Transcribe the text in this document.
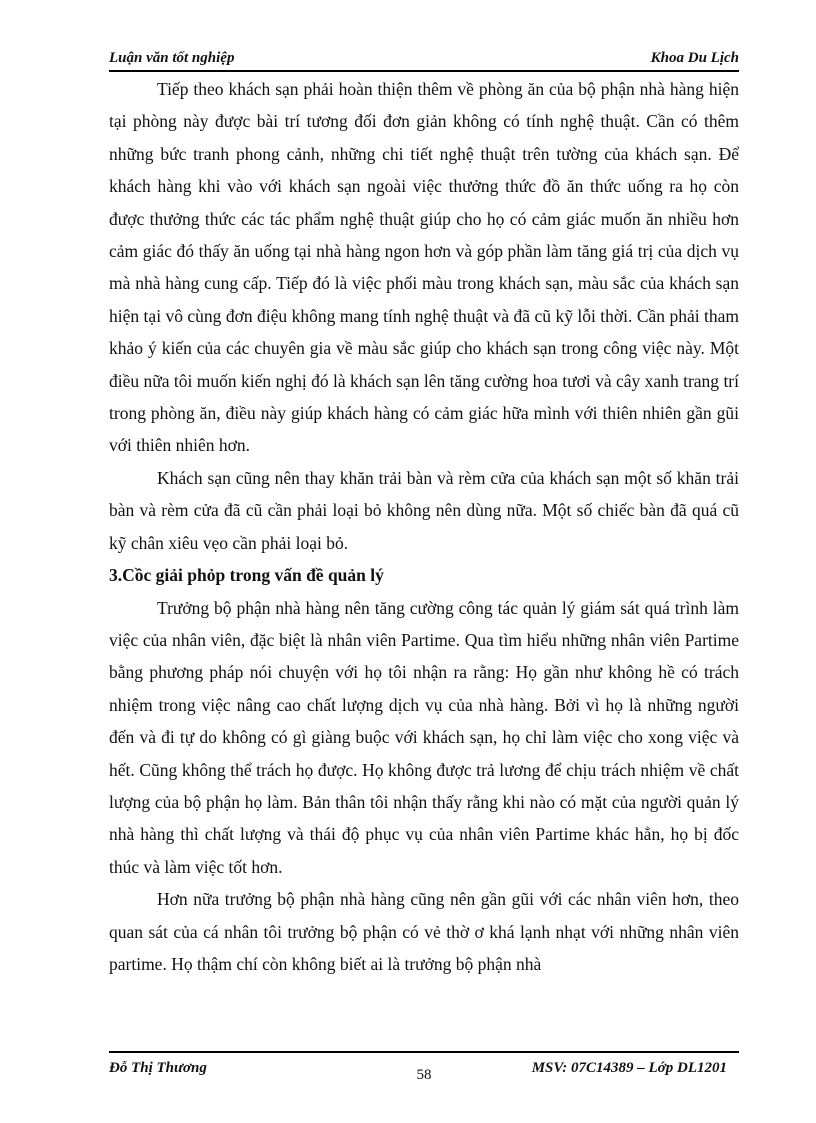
Luận văn tốt nghiệp	Khoa Du Lịch

Tiếp theo khách sạn phải hoàn thiện thêm về phòng ăn của bộ phận nhà hàng hiện tại phòng này được bài trí tương đối đơn giản không có tính nghệ thuật. Cần có thêm những bức tranh phong cảnh, những chi tiết nghệ thuật trên tường của khách sạn. Để khách hàng khi vào với khách sạn ngoài việc thưởng thức đồ ăn thức uống ra họ còn được thưởng thức các tác phẩm nghệ thuật giúp cho họ có cảm giác muốn ăn nhiều hơn cảm giác đó thấy ăn uống tại nhà hàng ngon hơn và góp phần làm tăng giá trị của dịch vụ mà nhà hàng cung cấp. Tiếp đó là việc phối màu trong khách sạn, màu sắc của khách sạn hiện tại vô cùng đơn điệu không mang tính nghệ thuật và đã cũ kỹ lỗi thời. Cần phải tham khảo ý kiến của các chuyên gia về màu sắc giúp cho khách sạn trong công việc này. Một điều nữa tôi muốn kiến nghị đó là khách sạn lên tăng cường hoa tươi và cây xanh trang trí trong phòng ăn, điều này giúp khách hàng có cảm giác hữa mình với thiên nhiên gần gũi với thiên nhiên hơn.

Khách sạn cũng nên thay khăn trải bàn và rèm cửa của khách sạn một số khăn trải bàn và rèm cửa đã cũ cần phải loại bỏ không nên dùng nữa. Một số chiếc bàn đã quá cũ kỹ chân xiêu vẹo cần phải loại bỏ.

3.Cồc giải phỏp trong vấn đề quản lý

Trưởng bộ phận nhà hàng nên tăng cường công tác quản lý giám sát quá trình làm việc của nhân viên, đặc biệt là nhân viên Partime. Qua tìm hiểu những nhân viên Partime bằng phương pháp nói chuyện với họ tôi nhận ra rằng: Họ gần như không hề có trách nhiệm trong việc nâng cao chất lượng dịch vụ của nhà hàng. Bởi vì họ là những người đến và đi tự do không có gì giàng buộc với khách sạn, họ chỉ làm việc cho xong việc và hết. Cũng không thể trách họ được. Họ không được trả lương để chịu trách nhiệm về chất lượng của bộ phận họ làm. Bản thân tôi nhận thấy rằng khi nào có mặt của người quản lý nhà hàng thì chất lượng và thái độ phục vụ của nhân viên Partime khác hẳn, họ bị đốc thúc và làm việc tốt hơn.

Hơn nữa trưởng bộ phận nhà hàng cũng nên gần gũi với các nhân viên hơn, theo quan sát của cá nhân tôi trưởng bộ phận có vẻ thờ ơ khá lạnh nhạt với những nhân viên partime. Họ thậm chí còn không biết ai là trưởng bộ phận nhà

Đỗ Thị Thương	58	MSV: 07C14389 – Lớp DL1201
